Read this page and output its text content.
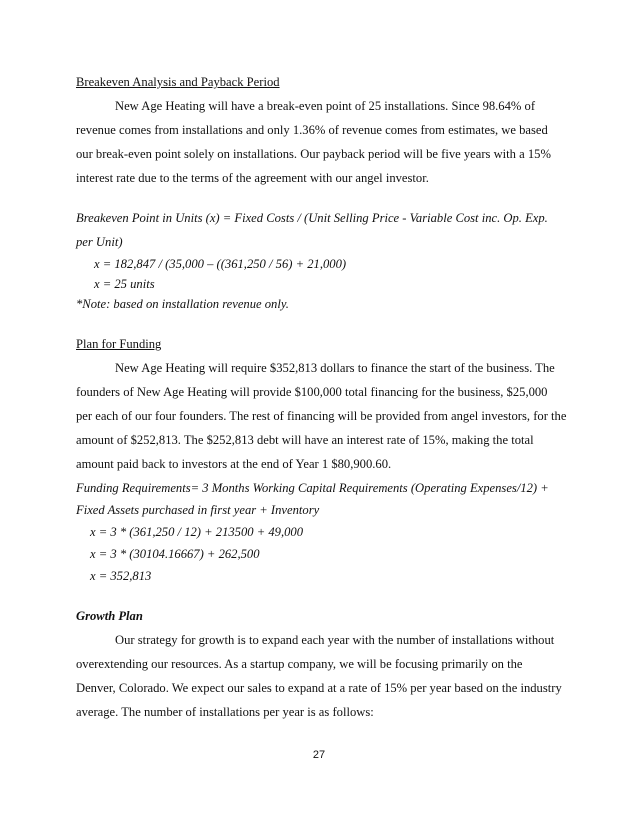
Breakeven Analysis and Payback Period
New Age Heating will have a break-even point of 25 installations. Since 98.64% of
revenue comes from installations and only 1.36% of revenue comes from estimates, we based
our break-even point solely on installations. Our payback period will be five years with a 15%
interest rate due to the terms of the agreement with our angel investor.
Breakeven Point in Units (x) = Fixed Costs / (Unit Selling Price - Variable Cost inc. Op. Exp.
per Unit)
x = 182,847 / (35,000 – ((361,250 / 56) + 21,000)
x = 25 units
*Note: based on installation revenue only.
Plan for Funding
New Age Heating will require $352,813 dollars to finance the start of the business. The
founders of New Age Heating will provide $100,000 total financing for the business, $25,000
per each of our four founders. The rest of financing will be provided from angel investors, for the
amount of $252,813. The $252,813 debt will have an interest rate of 15%, making the total
amount paid back to investors at the end of Year 1 $80,900.60.
Funding Requirements= 3 Months Working Capital Requirements (Operating Expenses/12) +
Fixed Assets purchased in first year + Inventory
x = 3 * (361,250 / 12) + 213500 + 49,000
x = 3 * (30104.16667) + 262,500
x = 352,813
Growth Plan
Our strategy for growth is to expand each year with the number of installations without
overextending our resources. As a startup company, we will be focusing primarily on the
Denver, Colorado. We expect our sales to expand at a rate of 15% per year based on the industry
average. The number of installations per year is as follows:
27
